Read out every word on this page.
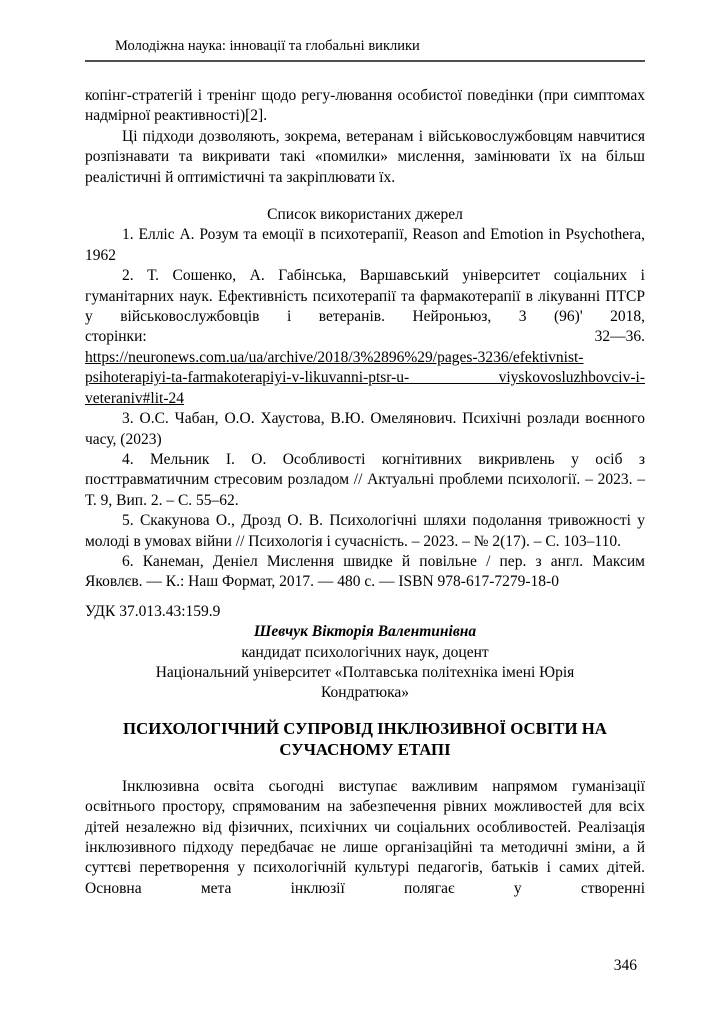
Молодіжна наука: інновації та глобальні виклики

копінг-стратегій і тренінг щодо регу-лювання особистої поведінки (при симптомах надмірної реактивності)[2].

Ці підходи дозволяють, зокрема, ветеранам і військовослужбовцям навчитися розпізнавати та викривати такі «помилки» мислення, замінювати їх на більш реалістичні й оптимістичні та закріплювати їх.

Список використаних джерел

1. Елліс А. Розум та емоції в психотерапії, Reason and Emotion in Psychothera, 1962

2. Т. Сошенко, А. Габінська, Варшавський університет соціальних і гуманітарних наук. Ефективність психотерапії та фармакотерапії в лікуванні ПТСР у військовослужбовців і ветеранів. Нейроньюз, 3 (96)' 2018,

сторінки:	32—36.
https://neuronews.com.ua/ua/archive/2018/3%2896%29/pages-3236/efektivnist-
psihoterapiyi-ta-farmakoterapiyi-v-likuvanni-ptsr-u- viyskovosluzhbovciv-i-
veteraniv#lit-24

3. О.С. Чабан, О.О. Хаустова, В.Ю. Омелянович. Психічні розлади воєнного часу, (2023)

4. Мельник І. О. Особливості когнітивних викривлень у осіб з посттравматичним стресовим розладом // Актуальні проблеми психології. – 2023. – Т. 9, Вип. 2. – С. 55–62.

5. Скакунова О., Дрозд О. В. Психологічні шляхи подолання тривожності у молоді в умовах війни // Психологія і сучасність. – 2023. – № 2(17). – С. 103–110.

6. Канеман, Деніел Мислення швидке й повільне / пер. з англ. Максим Яковлєв. — К.: Наш Формат, 2017. — 480 с. — ISBN 978-617-7279-18-0

УДК 37.013.43:159.9

Шевчук Вікторія Валентинівна

кандидат психологічних наук, доцент

Національний університет «Полтавська політехніка імені Юрія Кондратюка»

ПСИХОЛОГІЧНИЙ СУПРОВІД ІНКЛЮЗИВНОЇ ОСВІТИ НА СУЧАСНОМУ ЕТАПІ

Інклюзивна освіта сьогодні виступає важливим напрямом гуманізації освітнього простору, спрямованим на забезпечення рівних можливостей для всіх дітей незалежно від фізичних, психічних чи соціальних особливостей. Реалізація інклюзивного підходу передбачає не лише організаційні та методичні зміни, а й суттєві перетворення у психологічній культурі педагогів, батьків і самих дітей. Основна мета інклюзії полягає у створенні

346
